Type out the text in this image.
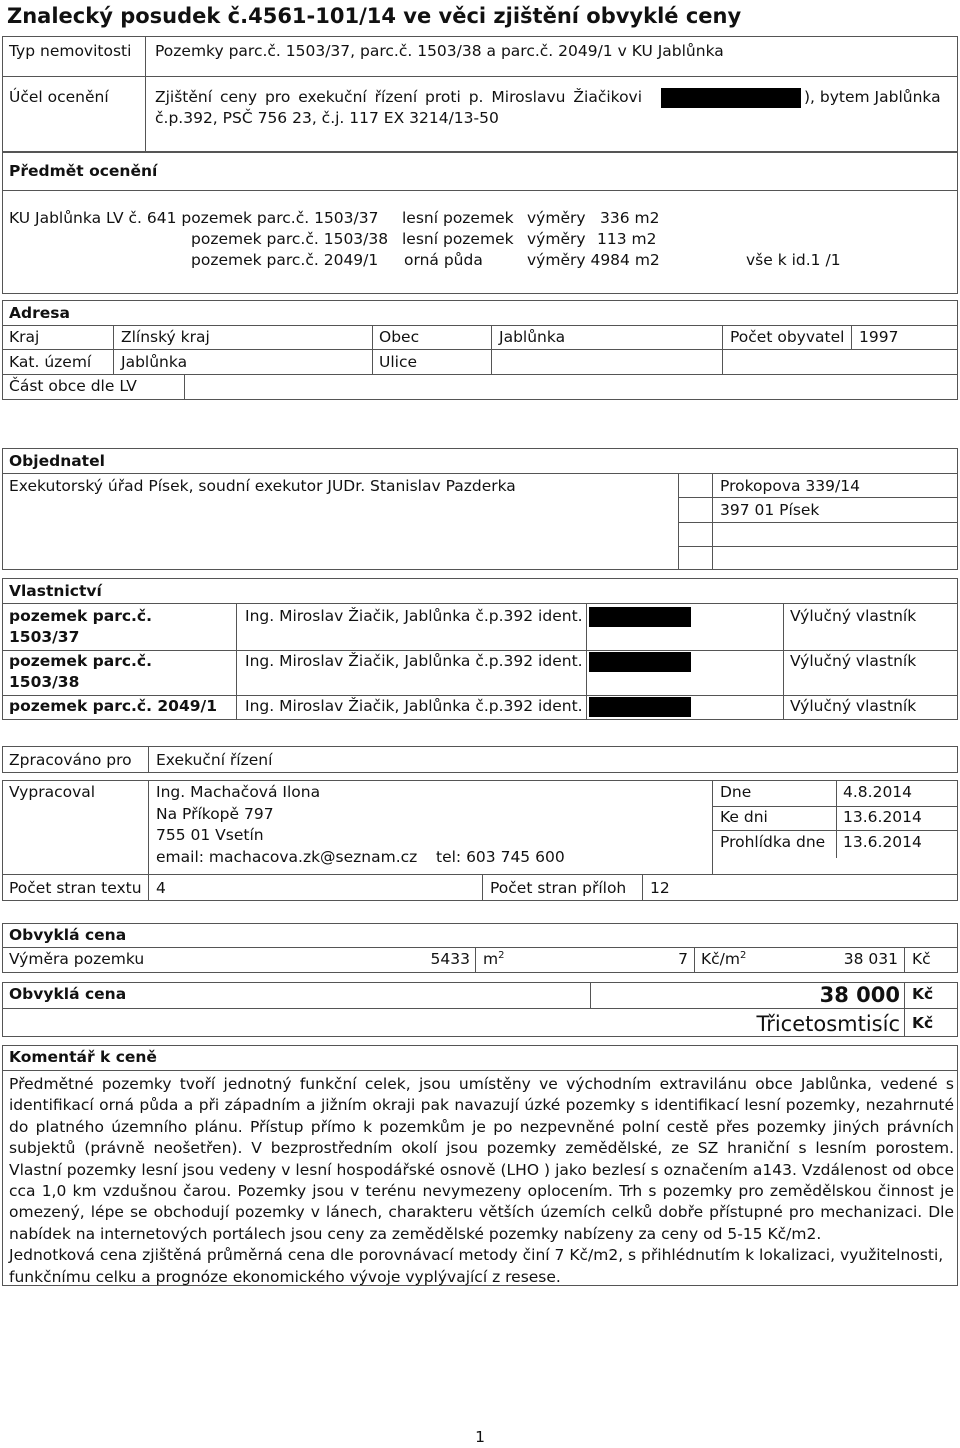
Znalecký posudek č.4561-101/14 ve věci zjištění obvyklé ceny
Typ nemovitosti Pozemky parc.č. 1503/37, parc.č. 1503/38 a parc.č. 2049/1 v KU Jablůnka
Účel ocenění	Zjištění ceny pro exekuční řízení proti p. Miroslavu Žiačikovi	), bytem Jablůnka
č.p.392, PSČ 756 23, č.j. 117 EX 3214/13-50
Předmět ocenění
KU Jablůnka LV č. 641 pozemek parc.č. 1503/37 lesní pozemek výměry 336 m2
pozemek parc.č. 1503/38 lesní pozemek výměry 113 m2
pozemek parc.č. 2049/1 orná půda	výměry 4984 m2	vše k id.1 /1
Adresa
Kraj	Zlínský kraj	Obec	Jablůnka	Počet obyvatel 1997
Kat. území Jablůnka	Ulice
Část obce dle LV
Objednatel
Exekutorský úřad Písek, soudní exekutor JUDr. Stanislav Pazderka	Prokopova 339/14
397 01 Písek
Vlastnictví
pozemek parc.č.
1503/37
Ing. Miroslav Žiačik, Jablůnka č.p.392 ident.	Výlučný vlastník
pozemek parc.č.
1503/38
Ing. Miroslav Žiačik, Jablůnka č.p.392 ident.	Výlučný vlastník
pozemek parc.č. 2049/1 Ing. Miroslav Žiačik, Jablůnka č.p.392 ident.	Výlučný vlastník
Zpracováno pro Exekuční řízení
Vypracoval	Ing. Machačová Ilona
Na Příkopě 797
755 01 Vsetín
email: machacova.zk@seznam.cz tel: 603 745 600
Dne	4.8.2014
Ke dni	13.6.2014
Prohlídka dne 13.6.2014
Počet stran textu 4	Počet stran příloh 12
Obvyklá cena
Výměra pozemku	5433 $m^2$	7 $Kč/m^2$	38 031 Kč
Obvyklá cena	38 000 Kč
Třicetosmtisíc Kč
Komentář k ceně

Předmětné pozemky tvoří jednotný funkční celek, jsou umístěny ve východním extravilánu obce Jablůnka, vedené s identifikací orná půda a při západním a jižním okraji pak navazují úzké pozemky s identifikací lesní pozemky, nezahrnuté do platného územního plánu. Přístup přímo k pozemkům je po nezpevněné polní cestě přes pozemky jiných právních subjektů (právně neošetřen). V bezprostředním okolí jsou pozemky zemědělské, ze SZ hraniční s lesním porostem. Vlastní pozemky lesní jsou vedeny v lesní hospodářské osnově (LHO ) jako bezlesí s označením a143. Vzdálenost od obce cca 1,0 km vzdušnou čarou. Pozemky jsou v terénu nevymezeny oplocením. Trh s pozemky pro zemědělskou činnost je omezený, lépe se obchodují pozemky v lánech, charakteru větších územích celků dobře přístupné pro mechanizaci. Dle nabídek na internetových portálech jsou ceny za zemědělské pozemky nabízeny za ceny od 5-15 Kč/m2.

Jednotková cena zjištěná průměrná cena dle porovnávací metody činí 7 Kč/m2, s přihlédnutím k lokalizaci, využitelnosti, funkčnímu celku a prognóze ekonomického vývoje vyplývající z resese.

1
